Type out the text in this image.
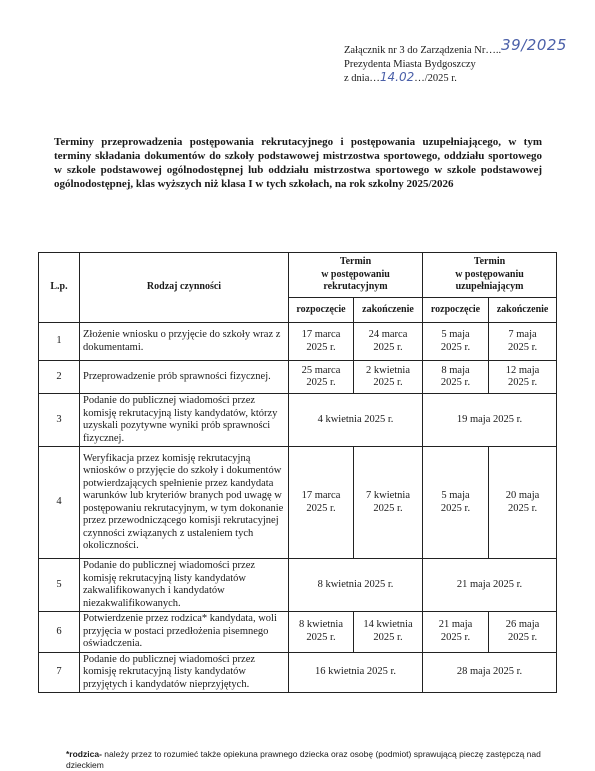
Załącznik nr 3 do Zarządzenia Nr…..39/2025
Prezydenta Miasta Bydgoszczy
z dnia…14.02…/2025 r.
Terminy przeprowadzenia postępowania rekrutacyjnego i postępowania uzupełniającego, w tym terminy składania dokumentów do szkoły podstawowej mistrzostwa sportowego, oddziału sportowego w szkole podstawowej ogólnodostępnej lub oddziału mistrzostwa sportowego w szkole podstawowej ogólnodostępnej, klas wyższych niż klasa I w tych szkołach, na rok szkolny 2025/2026
L.p.	Rodzaj czynności	Termin
w postępowaniu
rekrutacyjnym		Termin
w postępowaniu
uzupełniającym	
		rozpoczęcie	zakończenie	rozpoczęcie	zakończenie
1	Złożenie wniosku o przyjęcie do szkoły wraz z dokumentami.	17 marca
2025 r.	24 marca
2025 r.	5 maja
2025 r.	7 maja
2025 r.
2	Przeprowadzenie prób sprawności fizycznej.	25 marca
2025 r.	2 kwietnia
2025 r.	8 maja
2025 r.	12 maja
2025 r.
3	Podanie do publicznej wiadomości przez komisję rekrutacyjną listy kandydatów, którzy uzyskali pozytywne wyniki prób sprawności fizycznej.	4 kwietnia 2025 r.		19 maja 2025 r.	
4	Weryfikacja przez komisję rekrutacyjną wniosków o przyjęcie do szkoły i dokumentów potwierdzających spełnienie przez kandydata warunków lub kryteriów branych pod uwagę w postępowaniu rekrutacyjnym, w tym dokonanie przez przewodniczącego komisji rekrutacyjnej czynności związanych z ustaleniem tych okoliczności.	17 marca
2025 r.	7 kwietnia
2025 r.	5 maja
2025 r.	20 maja
2025 r.
5	Podanie do publicznej wiadomości przez komisję rekrutacyjną listy kandydatów zakwalifikowanych i kandydatów niezakwalifikowanych.	8 kwietnia 2025 r.		21 maja 2025 r.	
6	Potwierdzenie przez rodzica* kandydata, woli przyjęcia w postaci przedłożenia pisemnego oświadczenia.	8 kwietnia
2025 r.	14 kwietnia
2025 r.	21 maja
2025 r.	26 maja
2025 r.
7	Podanie do publicznej wiadomości przez komisję rekrutacyjną listy kandydatów przyjętych i kandydatów nieprzyjętych.	16 kwietnia 2025 r.		28 maja 2025 r.	
*rodzica- należy przez to rozumieć także opiekuna prawnego dziecka oraz osobę (podmiot) sprawującą pieczę zastępczą nad dzieckiem
